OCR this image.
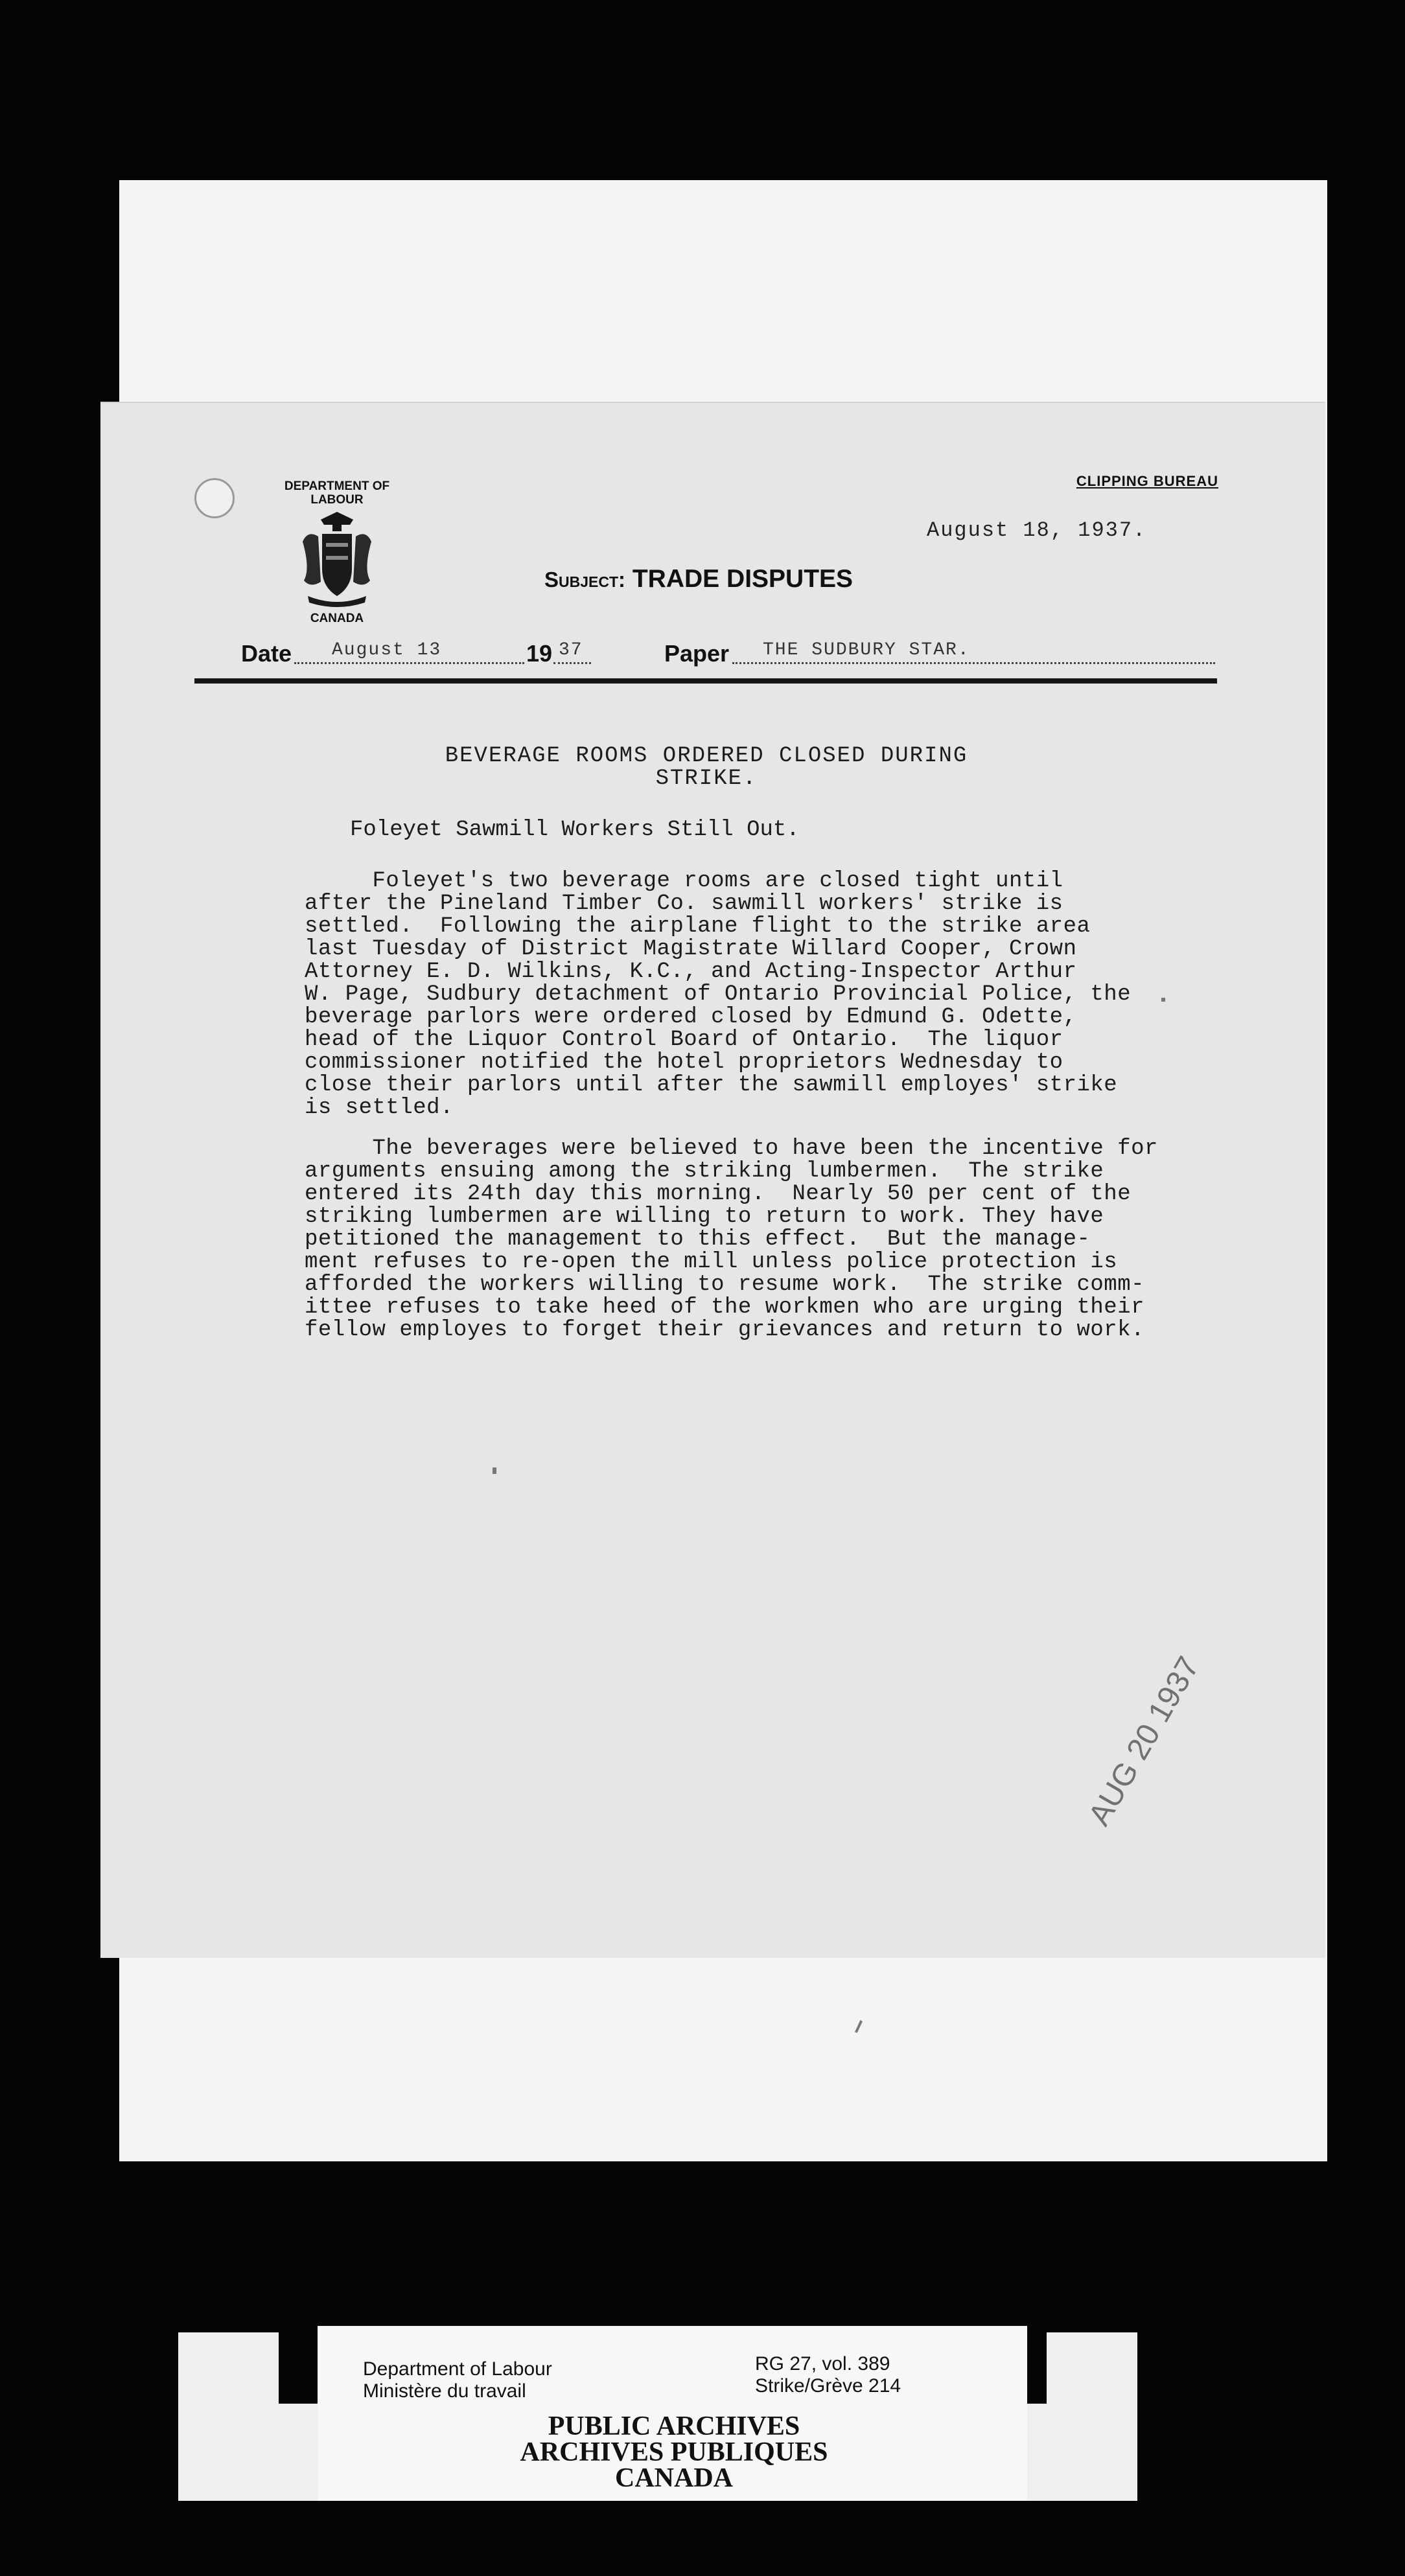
DEPARTMENT OF
LABOUR
CANADA
CLIPPING BUREAU
August 18, 1937.
Subject: TRADE DISPUTES
Date August 13	19 37	Paper THE SUDBURY STAR.
BEVERAGE ROOMS ORDERED CLOSED DURING
STRIKE.
Foleyet Sawmill Workers Still Out.
Foleyet's two beverage rooms are closed tight until
after the Pineland Timber Co. sawmill workers' strike is
settled.  Following the airplane flight to the strike area
last Tuesday of District Magistrate Willard Cooper, Crown
Attorney E. D. Wilkins, K.C., and Acting-Inspector Arthur
W. Page, Sudbury detachment of Ontario Provincial Police, the
beverage parlors were ordered closed by Edmund G. Odette,
head of the Liquor Control Board of Ontario.  The liquor
commissioner notified the hotel proprietors Wednesday to
close their parlors until after the sawmill employes' strike
is settled.
The beverages were believed to have been the incentive for
arguments ensuing among the striking lumbermen.  The strike
entered its 24th day this morning.  Nearly 50 per cent of the
striking lumbermen are willing to return to work. They have
petitioned the management to this effect.  But the manage-
ment refuses to re-open the mill unless police protection is
afforded the workers willing to resume work.  The strike comm-
ittee refuses to take heed of the workmen who are urging their
fellow employes to forget their grievances and return to work.
AUG 20 1937
Department of Labour
Ministère du travail
RG 27, vol. 389
Strike/Grève 214
PUBLIC ARCHIVES
ARCHIVES PUBLIQUES
CANADA
